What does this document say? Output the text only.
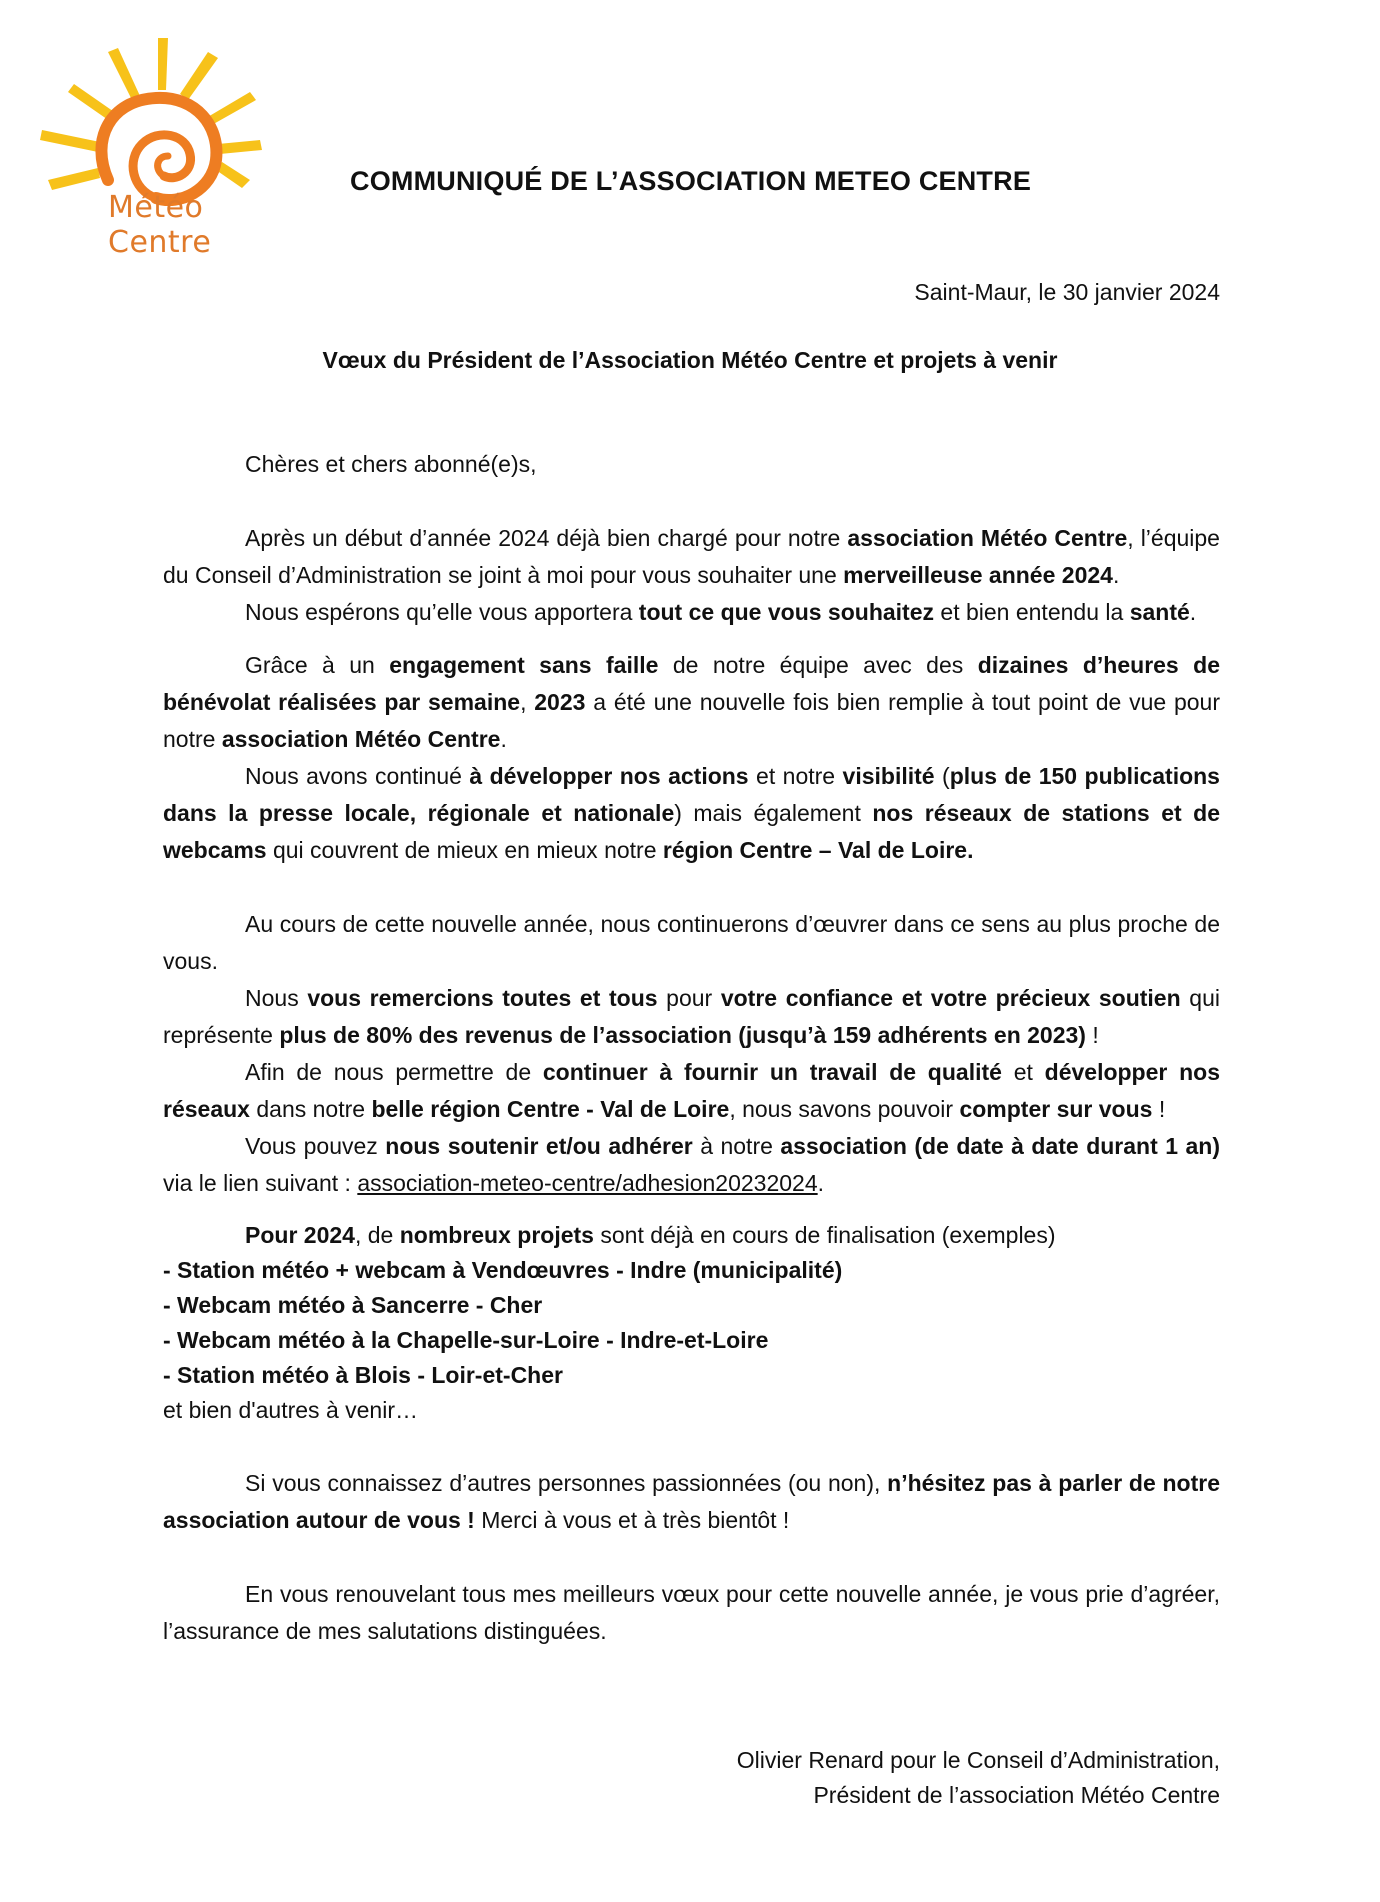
Météo Centre
COMMUNIQUÉ DE L’ASSOCIATION METEO CENTRE
Saint-Maur, le 30 janvier 2024
Vœux du Président de l’Association Météo Centre et projets à venir

Chères et chers abonné(e)s,

Après un début d’année 2024 déjà bien chargé pour notre association Météo Centre, l’équipe du Conseil d’Administration se joint à moi pour vous souhaiter une merveilleuse année 2024.

Nous espérons qu’elle vous apportera tout ce que vous souhaitez et bien entendu la santé.

Grâce à un engagement sans faille de notre équipe avec des dizaines d’heures de bénévolat réalisées par semaine, 2023 a été une nouvelle fois bien remplie à tout point de vue pour notre association Météo Centre.

Nous avons continué à développer nos actions et notre visibilité (plus de 150 publications dans la presse locale, régionale et nationale) mais également nos réseaux de stations et de webcams qui couvrent de mieux en mieux notre région Centre – Val de Loire.

Au cours de cette nouvelle année, nous continuerons d’œuvrer dans ce sens au plus proche de vous.

Nous vous remercions toutes et tous pour votre confiance et votre précieux soutien qui représente plus de 80% des revenus de l’association (jusqu’à 159 adhérents en 2023) !

Afin de nous permettre de continuer à fournir un travail de qualité et développer nos réseaux dans notre belle région Centre - Val de Loire, nous savons pouvoir compter sur vous !

Vous pouvez nous soutenir et/ou adhérer à notre association (de date à date durant 1 an) via le lien suivant : association-meteo-centre/adhesion20232024.

Pour 2024, de nombreux projets sont déjà en cours de finalisation (exemples)

- Station météo + webcam à Vendœuvres - Indre (municipalité)

- Webcam météo à Sancerre - Cher

- Webcam météo à la Chapelle-sur-Loire - Indre-et-Loire

- Station météo à Blois - Loir-et-Cher

et bien d'autres à venir…

Si vous connaissez d’autres personnes passionnées (ou non), n’hésitez pas à parler de notre association autour de vous ! Merci à vous et à très bientôt !

En vous renouvelant tous mes meilleurs vœux pour cette nouvelle année, je vous prie d’agréer, l’assurance de mes salutations distinguées.

Olivier Renard pour le Conseil d’Administration,
Président de l’association Météo Centre
